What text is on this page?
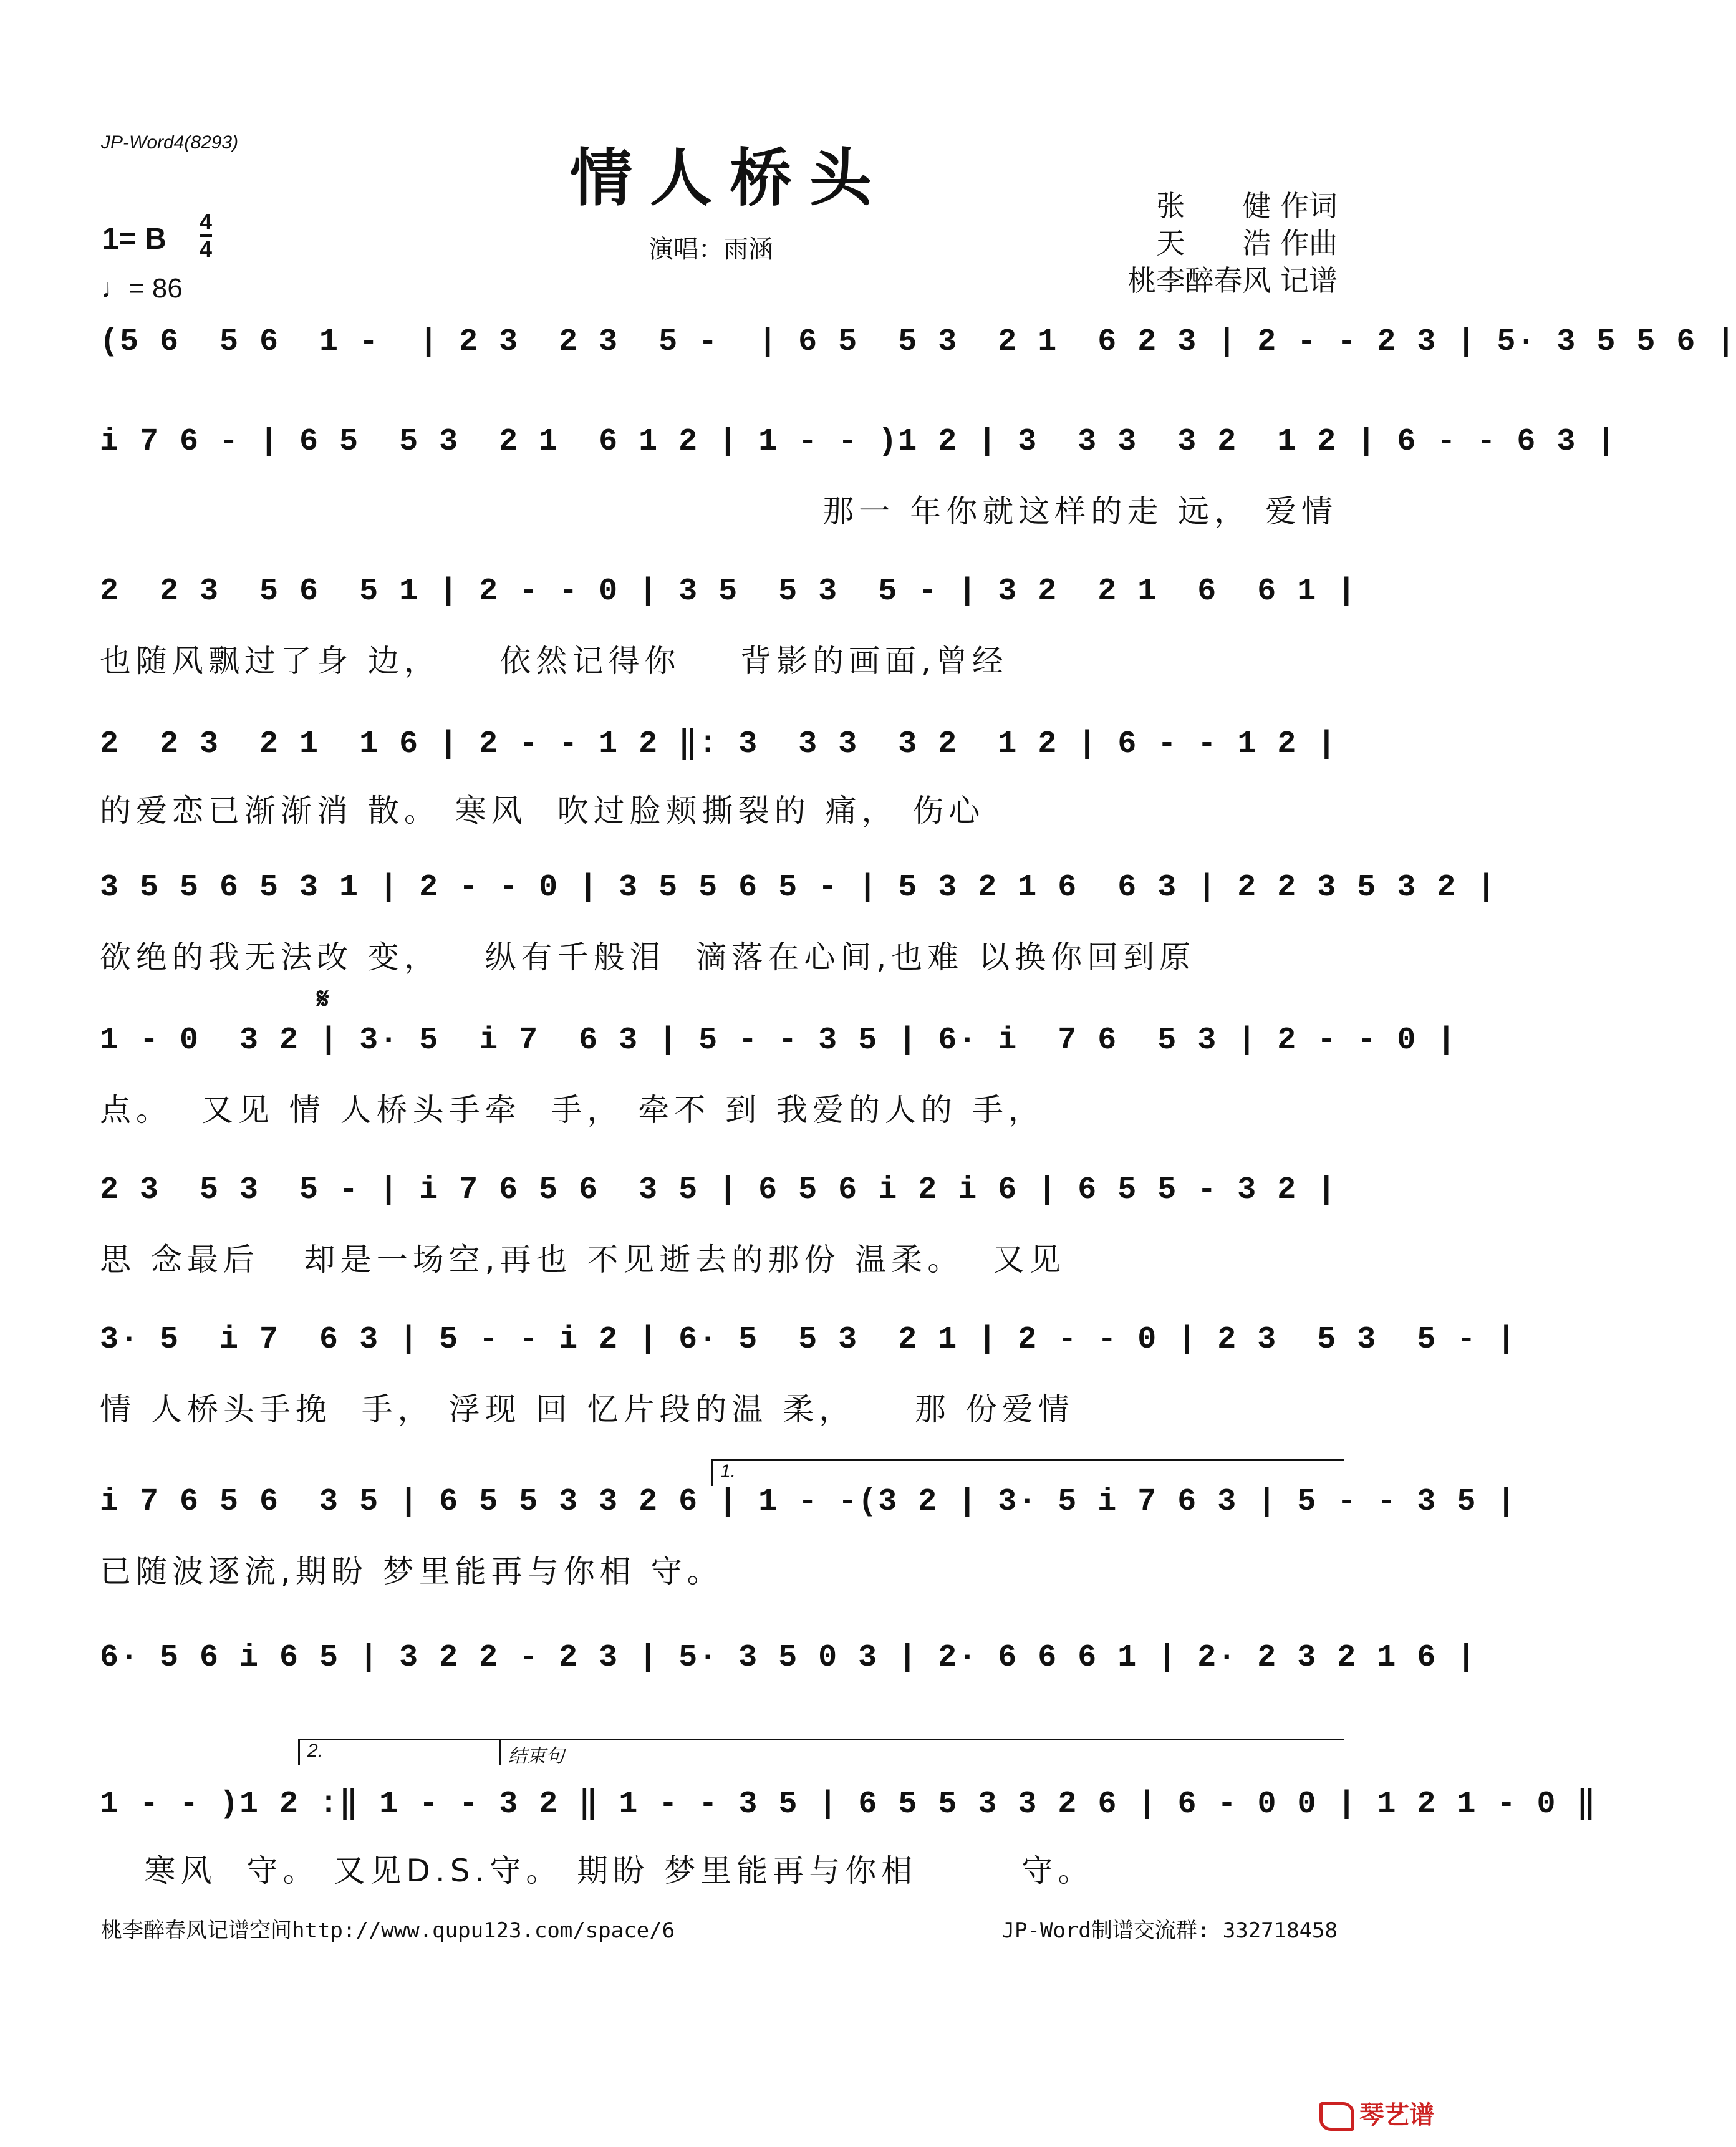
JP-Word4(8293)	情人桥头
演唱：雨涵
张　　健 作词
天　　浩 作曲
桃李醉春风 记谱
1= B
4
4
♩= 86
(5 6  5 6  1 -  | 2 3  2 3  5 -  | 6 5  5 3  2 1  6 2 3 | 2 - - 2 3 | 5· 3 5 5 6 |
i 7 6 - | 6 5  5 3  2 1  6 1 2 | 1 - - )1 2 | 3  3 3  3 2  1 2 | 6 - - 6 3 |
那一 年你就这样的走 远， 爱情
2  2 3  5 6  5 1 | 2 - - 0 | 3 5  5 3  5 - | 3 2  2 1  6  6 1 |
也随风飘过了身 边，    依然记得你    背影的画面,曾经
2  2 3  2 1  1 6 | 2 - - 1 2 ‖: 3  3 3  3 2  1 2 | 6 - - 1 2 |
的爱恋已渐渐消 散。 寒风  吹过脸颊撕裂的 痛， 伤心
3 5 5 6 5 3 1 | 2 - - 0 | 3 5 5 6 5 - | 5 3 2 1 6  6 3 | 2 2 3 5 3 2 |
欲绝的我无法改 变，   纵有千般泪  滴落在心间,也难 以换你回到原
1 - 0  3 2 | 3· 5  i 7  6 3 | 5 - - 3 5 | 6· i  7 6  5 3 | 2 - - 0 |
点。  又见 情 人桥头手牵  手， 牵不 到 我爱的人的 手，
2 3  5 3  5 - | i 7 6 5 6  3 5 | 6 5 6 i 2 i 6 | 6 5 5 - 3 2 |
思 念最后   却是一场空,再也 不见逝去的那份 温柔。  又见
3· 5  i 7  6 3 | 5 - - i 2 | 6· 5  5 3  2 1 | 2 - - 0 | 2 3  5 3  5 - |
情 人桥头手挽  手， 浮现 回 忆片段的温 柔，    那 份爱情
i 7 6 5 6  3 5 | 6 5 5 3 3 2 6 | 1 - -(3 2 | 3· 5 i 7 6 3 | 5 - - 3 5 |
已随波逐流,期盼 梦里能再与你相 守。
6· 5 6 i 6 5 | 3 2 2 - 2 3 | 5· 3 5 0 3 | 2· 6 6 6 1 | 2· 2 3 2 1 6 |
1 - - )1 2 :‖ 1 - - 3 2 ‖ 1 - - 3 5 | 6 5 5 3 3 2 6 | 6 - 0 0 | 1 2 1 - 0 ‖
寒风  守。 又见D.S.守。 期盼 梦里能再与你相       守。
1.
2.	结束句
𝄋
桃李醉春风记谱空间http://www.qupu123.com/space/6	JP-Word制谱交流群: 332718458
琴艺谱
